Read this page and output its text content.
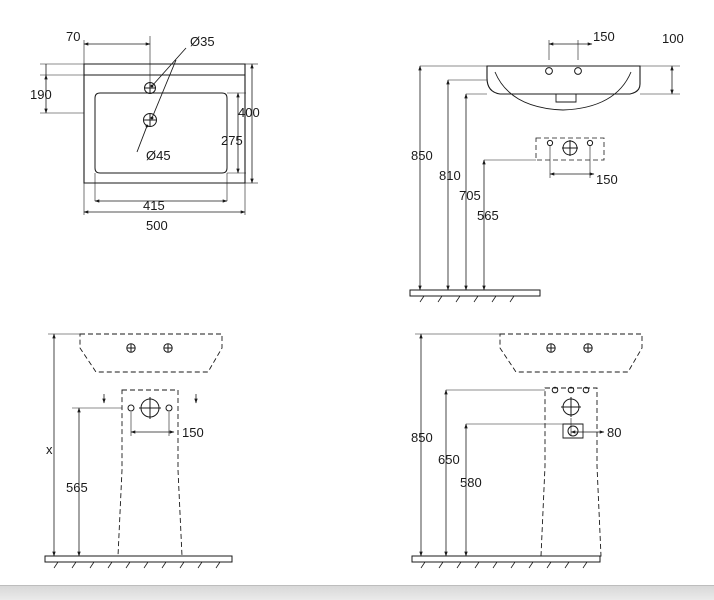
70
190
415
500
400
275
Ø35
Ø45
150	100
850
810
705
565
150
x
565
150	850
650
580
80
